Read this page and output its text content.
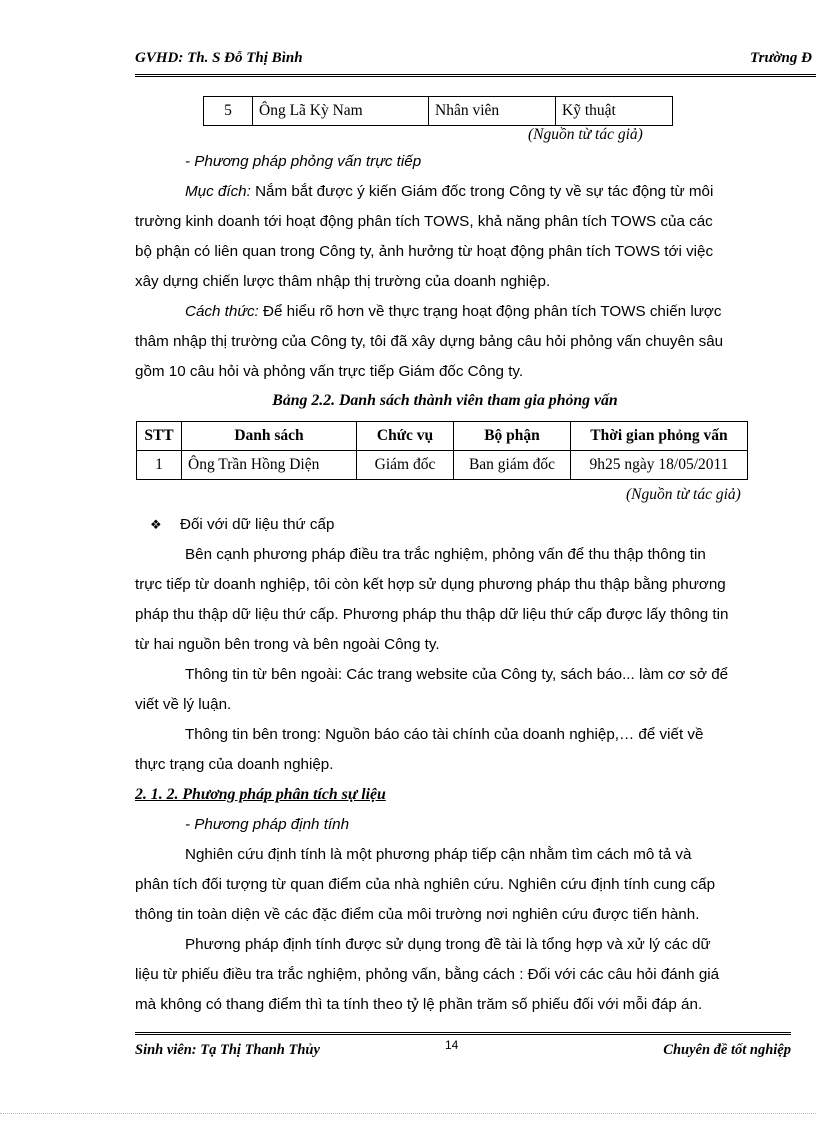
GVHD: Th. S Đỗ Thị Bình	Trường Đ
5	Ông Lã Kỳ Nam	Nhân viên	Kỹ thuật
(Nguồn từ tác giả)
- Phương pháp phỏng vấn trực tiếp
Mục đích: Nắm bắt được ý kiến Giám đốc trong Công ty về sự tác động từ môi
trường kinh doanh tới hoạt động phân tích TOWS, khả năng phân tích TOWS của các
bộ phận có liên quan trong Công ty, ảnh hưởng từ hoạt động phân tích TOWS tới việc
xây dựng chiến lược thâm nhập thị trường của doanh nghiệp.
Cách thức: Để hiểu rõ hơn về thực trạng hoạt động phân tích TOWS chiến lược
thâm nhập thị trường của Công ty, tôi đã xây dựng bảng câu hỏi phỏng vấn chuyên sâu
gồm 10 câu hỏi và phỏng vấn trực tiếp Giám đốc Công ty.
Bảng 2.2. Danh sách thành viên tham gia phỏng vấn
STT	Danh sách	Chức vụ	Bộ phận	Thời gian phỏng vấn
1	Ông Trần Hồng Diện	Giám đốc	Ban giám đốc	9h25 ngày 18/05/2011
(Nguồn từ tác giả)
❖ Đối với dữ liệu thứ cấp
Bên cạnh phương pháp điều tra trắc nghiệm, phỏng vấn để thu thập thông tin
trực tiếp từ doanh nghiệp, tôi còn kết hợp sử dụng phương pháp thu thập bằng phương
pháp thu thập dữ liệu thứ cấp. Phương pháp thu thập dữ liệu thứ cấp được lấy thông tin
từ hai nguồn bên trong và bên ngoài Công ty.
Thông tin từ bên ngoài: Các trang website của Công ty, sách báo... làm cơ sở để
viết về lý luận.
Thông tin bên trong: Nguồn báo cáo tài chính của doanh nghiệp,… để viết về
thực trạng của doanh nghiệp.
2. 1. 2. Phương pháp phân tích sự liệu
- Phương pháp định tính
Nghiên cứu định tính là một phương pháp tiếp cận nhằm tìm cách mô tả và
phân tích đối tượng từ quan điểm của nhà nghiên cứu. Nghiên cứu định tính cung cấp
thông tin toàn diện về các đặc điểm của môi trường nơi nghiên cứu được tiến hành.
Phương pháp định tính được sử dụng trong đề tài là tổng hợp và xử lý các dữ
liệu từ phiếu điều tra trắc nghiệm, phỏng vấn, bằng cách : Đối với các câu hỏi đánh giá
mà không có thang điểm thì ta tính theo tỷ lệ phần trăm số phiếu đối với mỗi đáp án.
Sinh viên: Tạ Thị Thanh Thủy	14	Chuyên đề tốt nghiệp
